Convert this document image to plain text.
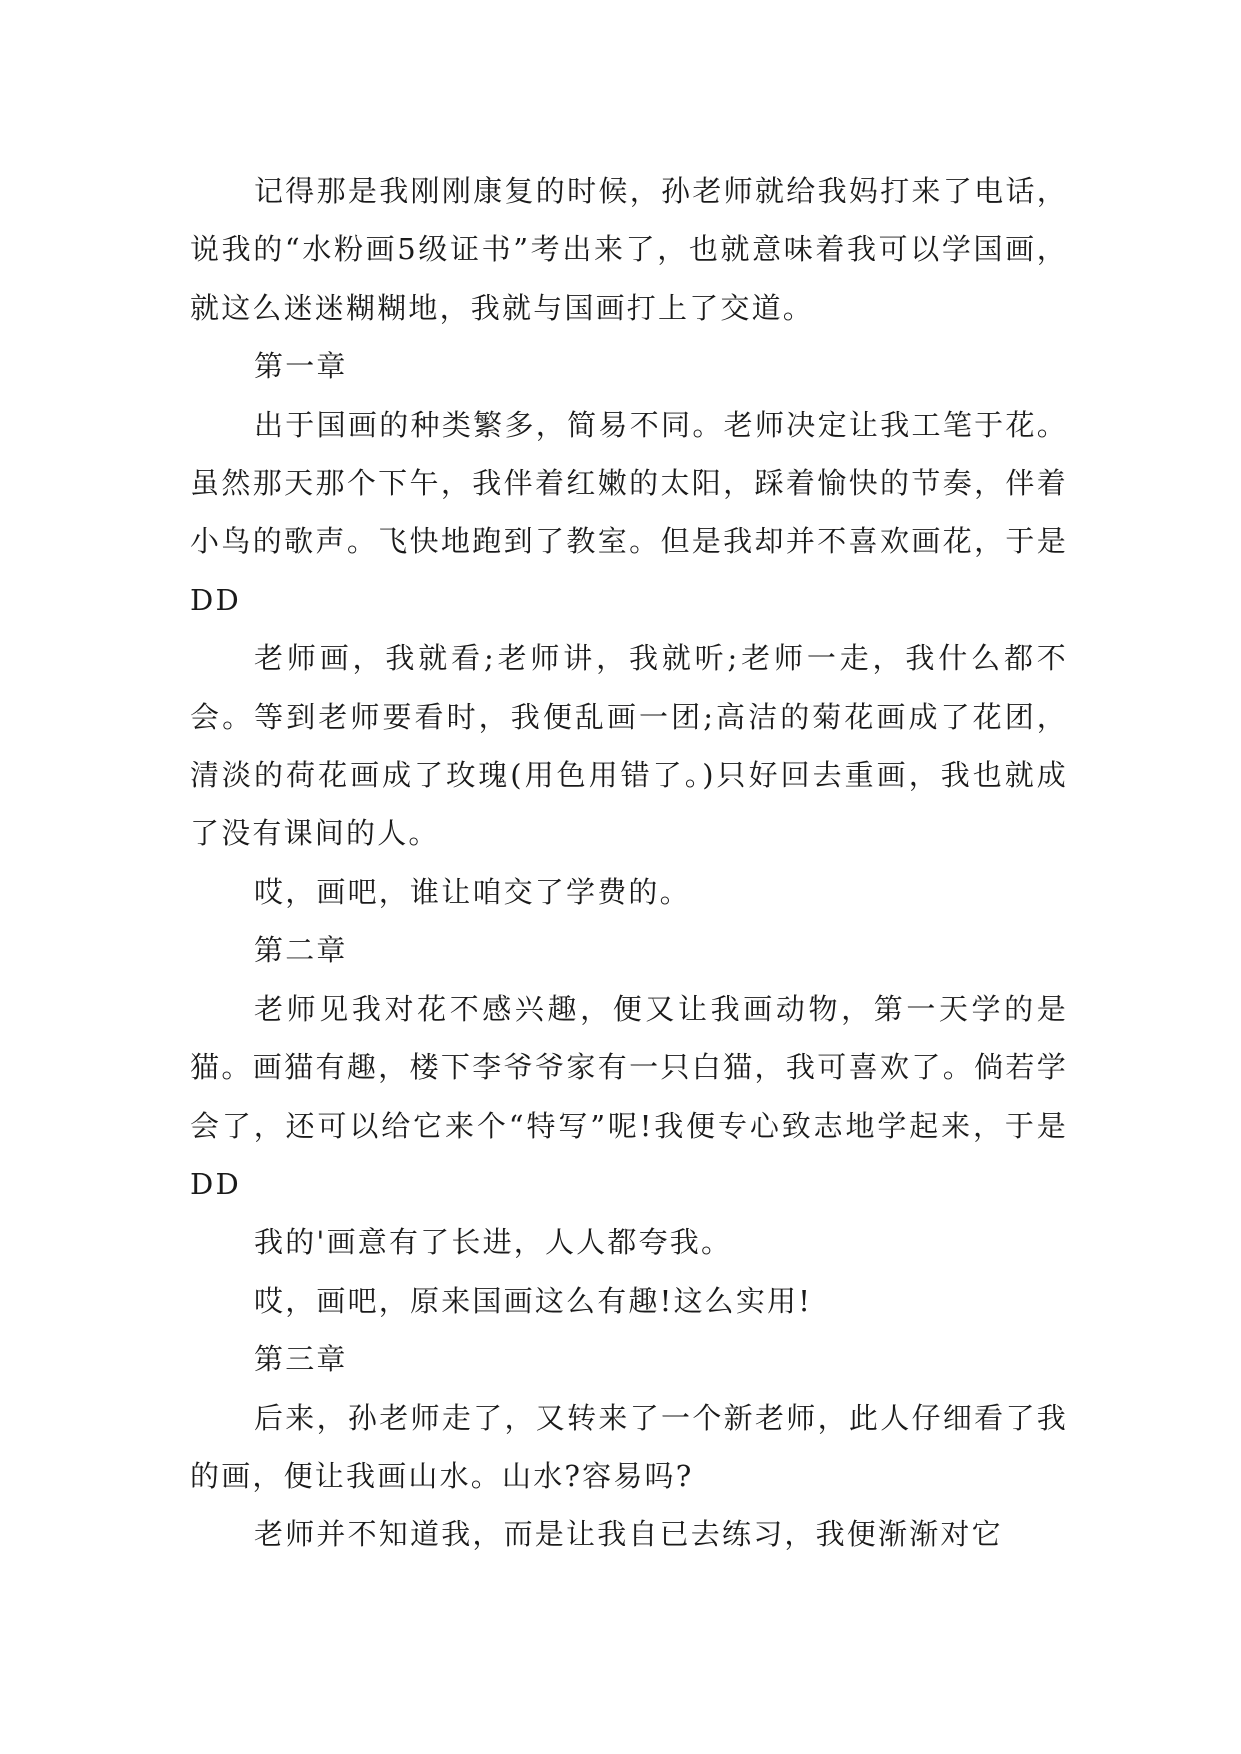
记得那是我刚刚康复的时候，孙老师就给我妈打来了电话，说我的“水粉画5级证书”考出来了，也就意味着我可以学国画，就这么迷迷糊糊地，我就与国画打上了交道。

第一章

出于国画的种类繁多，简易不同。老师决定让我工笔于花。虽然那天那个下午，我伴着红嫩的太阳，踩着愉快的节奏，伴着小鸟的歌声。飞快地跑到了教室。但是我却并不喜欢画花，于是DD

老师画，我就看;老师讲，我就听;老师一走，我什么都不会。等到老师要看时，我便乱画一团;高洁的菊花画成了花团，清淡的荷花画成了玫瑰(用色用错了。)只好回去重画，我也就成了没有课间的人。

哎，画吧，谁让咱交了学费的。

第二章

老师见我对花不感兴趣，便又让我画动物，第一天学的是猫。画猫有趣，楼下李爷爷家有一只白猫，我可喜欢了。倘若学会了，还可以给它来个“特写”呢!我便专心致志地学起来，于是DD

我的'画意有了长进，人人都夸我。

哎，画吧，原来国画这么有趣!这么实用!

第三章

后来，孙老师走了，又转来了一个新老师，此人仔细看了我的画，便让我画山水。山水?容易吗?

老师并不知道我，而是让我自已去练习，我便渐渐对它
